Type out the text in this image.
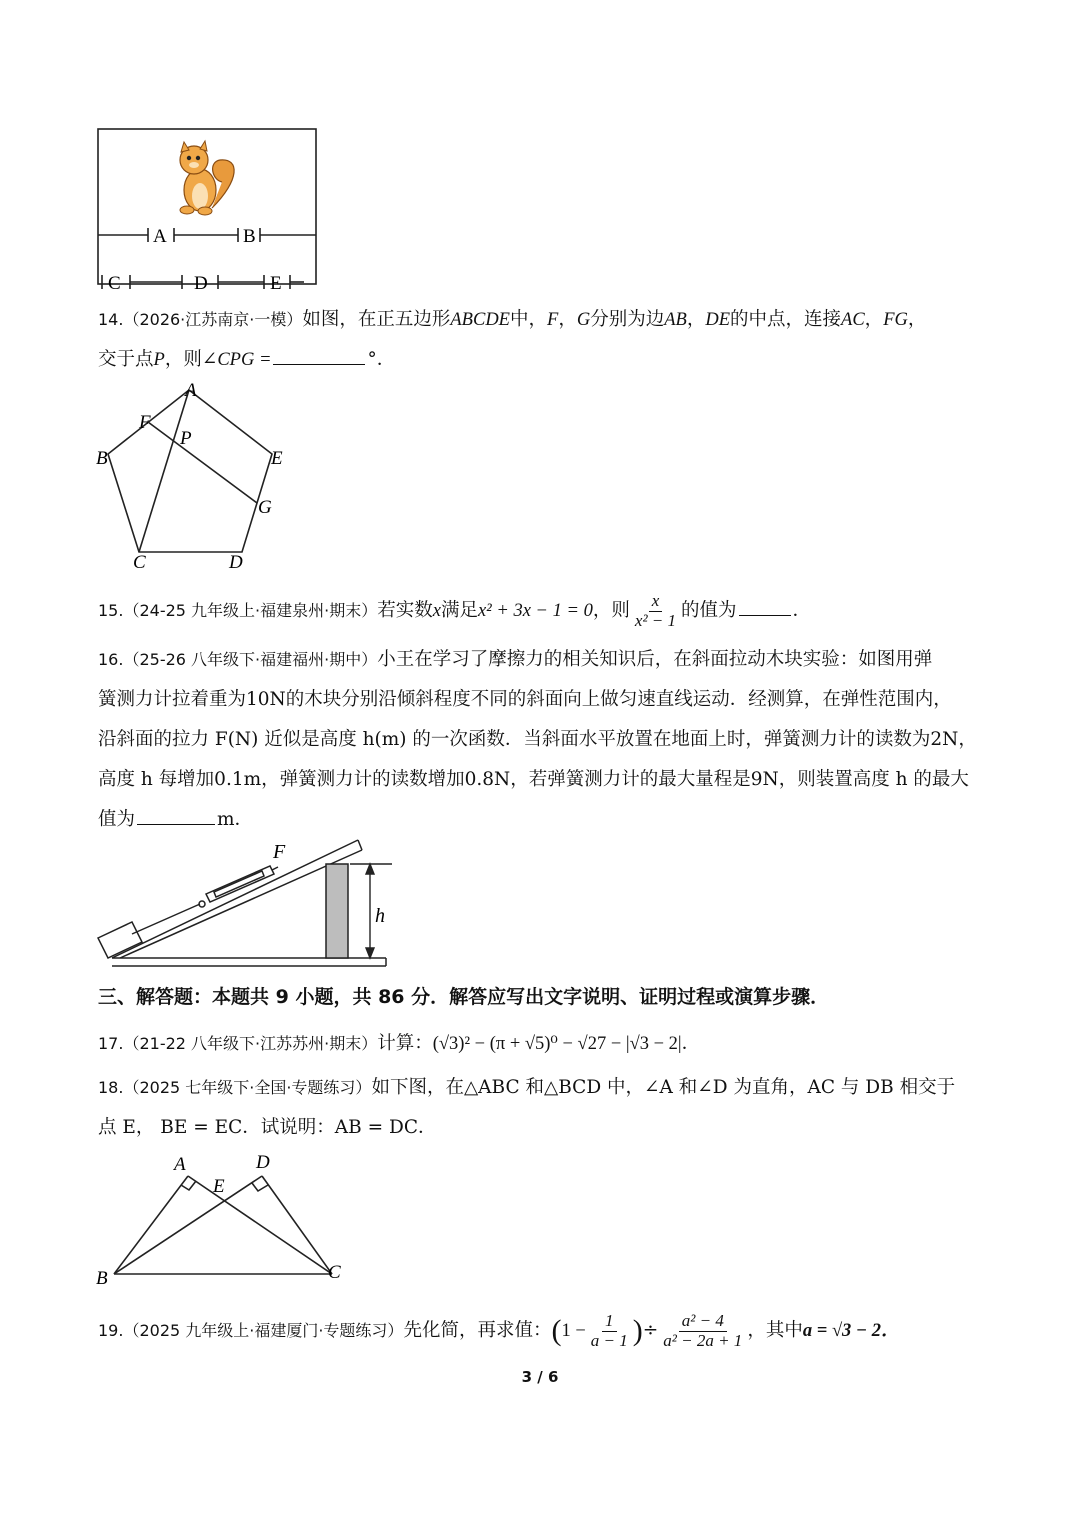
A	B
C	D	E
14.（2026·江苏南京·一模）如图，在正五边形ABCDE中，F，G分别为边AB，DE的中点，连接AC，FG，
交于点P，则∠CPG =	°．
A
B
C	D
E
F
G
P
15.（24-25 九年级上·福建泉州·期末）若实数x满足x² + 3x − 1 = 0，则 $\frac{x}{\text{x² − 1}}$ 的值为	．
16.（25-26 八年级下·福建福州·期中）小王在学习了摩擦力的相关知识后，在斜面拉动木块实验：如图用弹
簧测力计拉着重为10N的木块分别沿倾斜程度不同的斜面向上做匀速直线运动．经测算，在弹性范围内，
沿斜面的拉力 F(N) 近似是高度 h(m) 的一次函数．当斜面水平放置在地面上时，弹簧测力计的读数为2N，
高度 h 每增加0.1m，弹簧测力计的读数增加0.8N，若弹簧测力计的最大量程是9N，则装置高度 h 的最大
值为	m．
F
h
三、解答题：本题共 9 小题，共 86 分．解答应写出文字说明、证明过程或演算步骤．
17.（21-22 八年级下·江苏苏州·期末）计算：(√3)² − (π + √5)⁰ − √27 − |√3 − 2|．
18.（2025 七年级下·全国·专题练习）如下图，在△ABC 和△BCD 中，∠A 和∠D 为直角，AC 与 DB 相交于
点 E， BE = EC．试说明：AB = DC．
A	D
E
B	C
19.（2025 九年级上·福建厦门·专题练习）先化简，再求值：($1 - \frac{1}{a - 1}$ )÷ $\frac{\text{a² − 4}}{\text{a² − 2a + 1}}$ ，其中a = √3 − 2．
3 / 6
